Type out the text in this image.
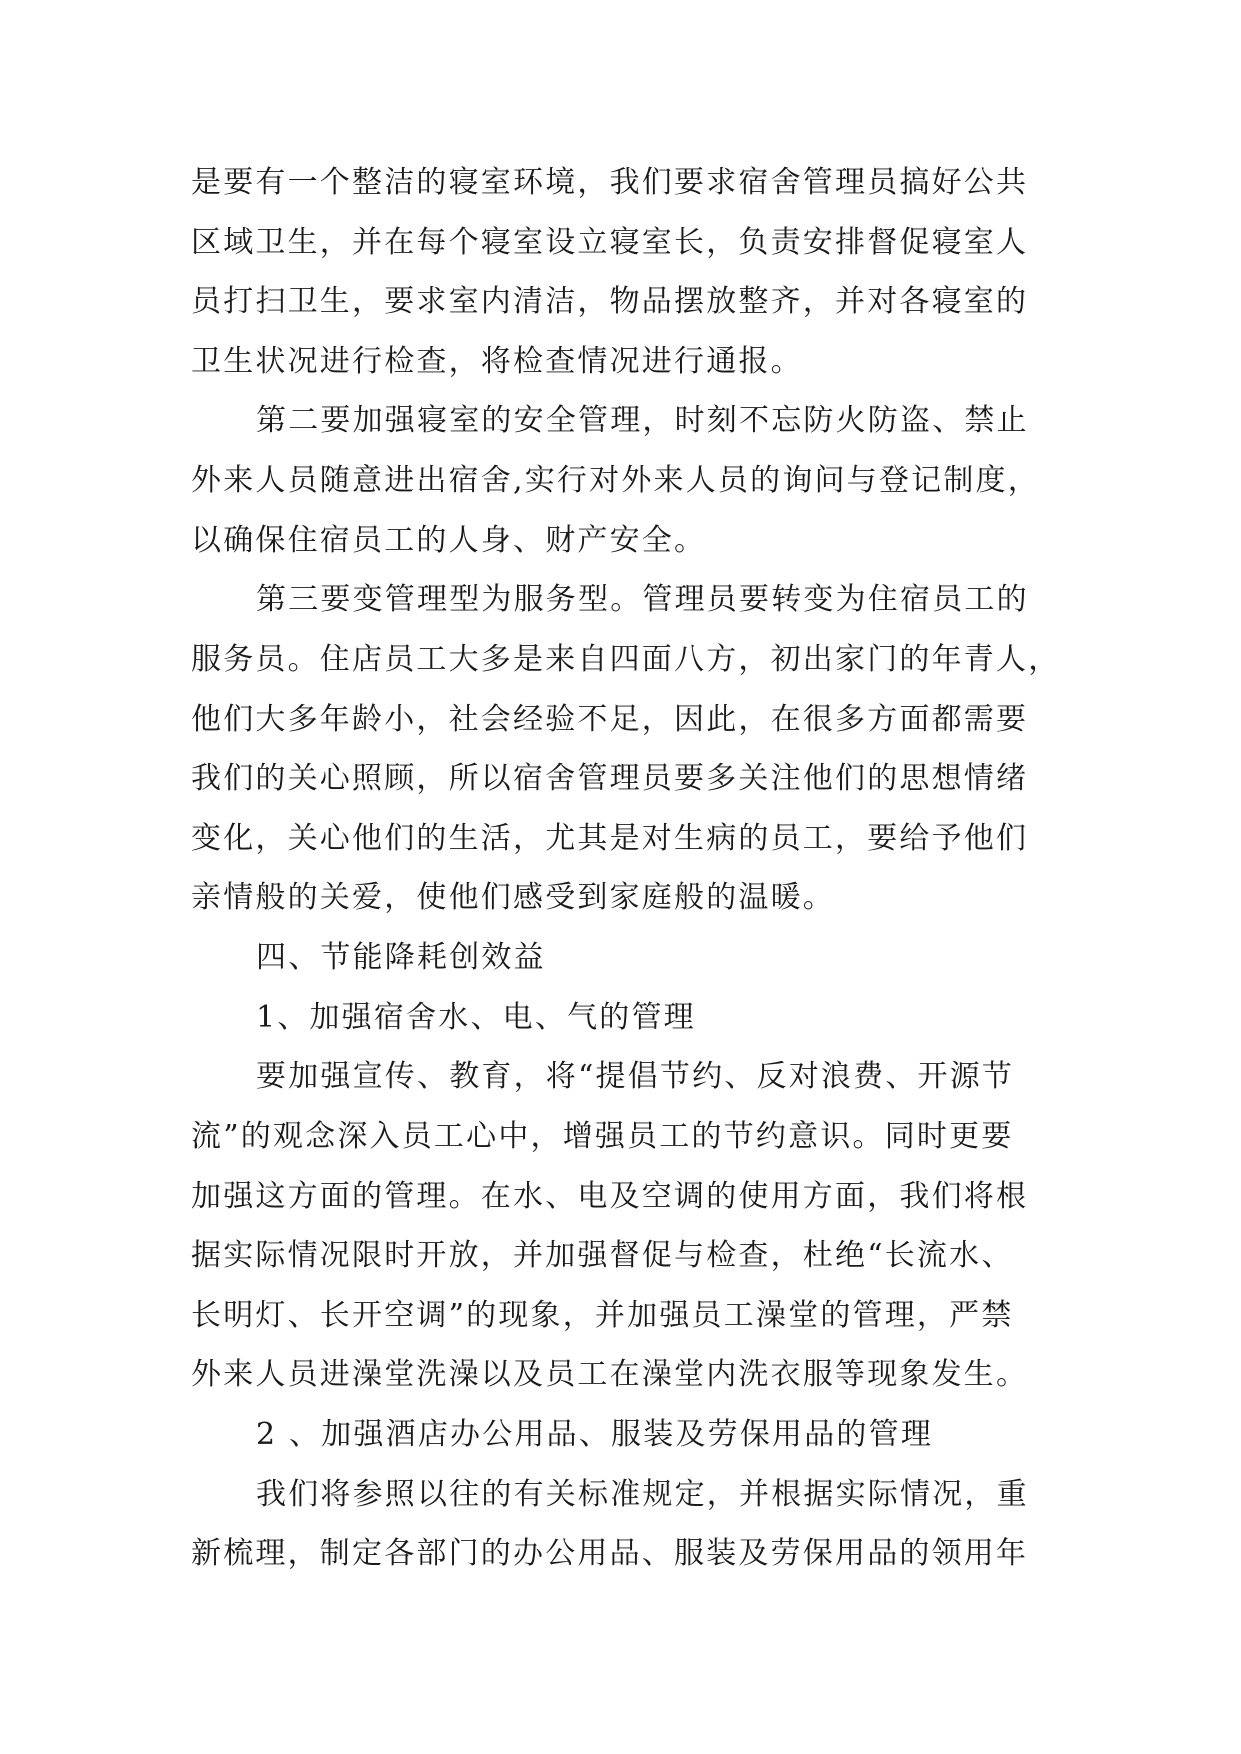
是要有一个整洁的寝室环境，我们要求宿舍管理员搞好公共
区域卫生，并在每个寝室设立寝室长，负责安排督促寝室人
员打扫卫生，要求室内清洁，物品摆放整齐，并对各寝室的
卫生状况进行检查，将检查情况进行通报。
第二要加强寝室的安全管理，时刻不忘防火防盗、禁止
外来人员随意进出宿舍,实行对外来人员的询问与登记制度，
以确保住宿员工的人身、财产安全。
第三要变管理型为服务型。管理员要转变为住宿员工的
服务员。住店员工大多是来自四面八方，初出家门的年青人，
他们大多年龄小，社会经验不足，因此，在很多方面都需要
我们的关心照顾，所以宿舍管理员要多关注他们的思想情绪
变化，关心他们的生活，尤其是对生病的员工，要给予他们
亲情般的关爱，使他们感受到家庭般的温暖。
四、节能降耗创效益
1、加强宿舍水、电、气的管理
要加强宣传、教育，将“提倡节约、反对浪费、开源节
流”的观念深入员工心中，增强员工的节约意识。同时更要
加强这方面的管理。在水、电及空调的使用方面，我们将根
据实际情况限时开放，并加强督促与检查，杜绝“长流水、
长明灯、长开空调”的现象，并加强员工澡堂的管理，严禁
外来人员进澡堂洗澡以及员工在澡堂内洗衣服等现象发生。
2 、加强酒店办公用品、服装及劳保用品的管理
我们将参照以往的有关标准规定，并根据实际情况，重
新梳理，制定各部门的办公用品、服装及劳保用品的领用年
